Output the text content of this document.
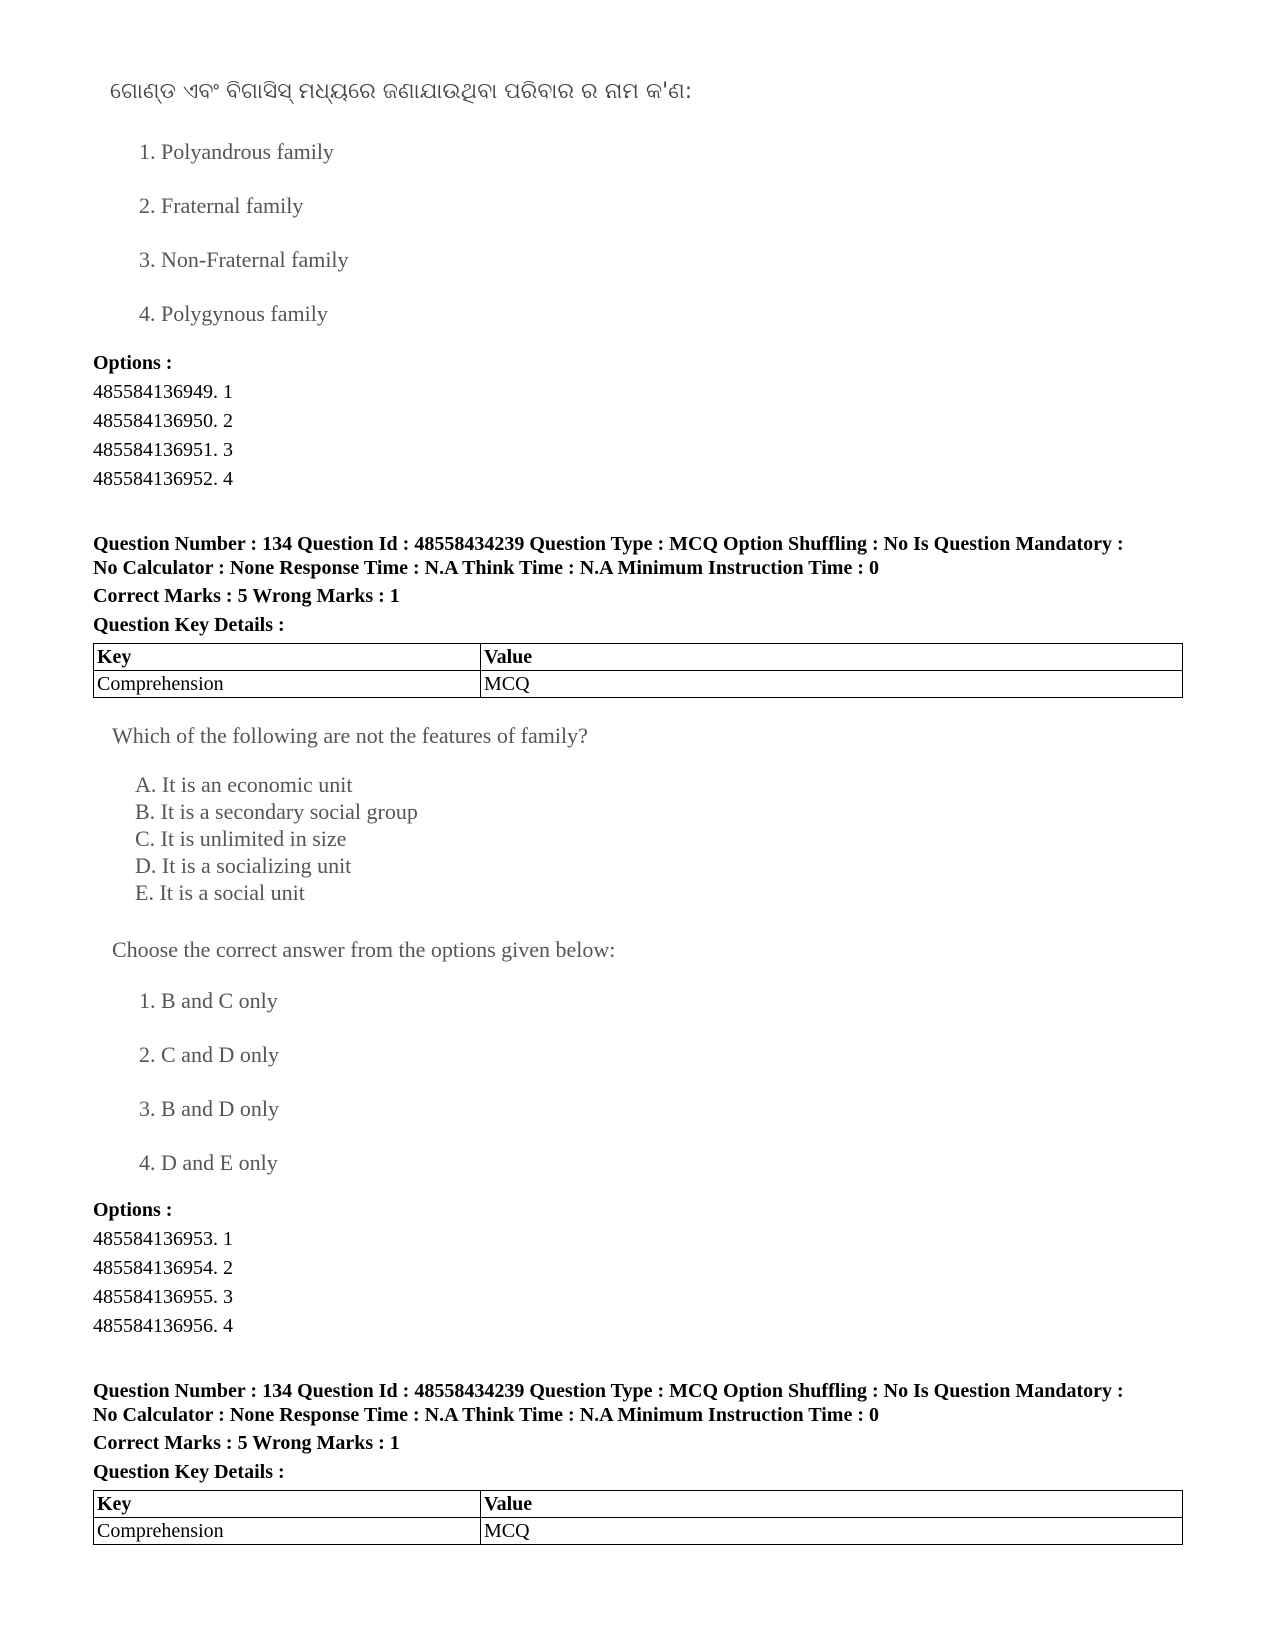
ଗୋଣ୍ଡ ଏବଂ ବିଗାସିସ୍ ମଧ୍ୟରେ ଜଣାଯାଉଥିବା ପରିବାର ର ନାମ କ'ଣ:
1. Polyandrous family
2. Fraternal family
3. Non-Fraternal family
4. Polygynous family
Options :
485584136949. 1
485584136950. 2
485584136951. 3
485584136952. 4
Question Number : 134 Question Id : 48558434239 Question Type : MCQ Option Shuffling : No Is Question Mandatory :
No Calculator : None Response Time : N.A Think Time : N.A Minimum Instruction Time : 0
Correct Marks : 5 Wrong Marks : 1
Question Key Details :
Key	Value
Comprehension	MCQ
Which of the following are not the features of family?
A. It is an economic unit
B. It is a secondary social group
C. It is unlimited in size
D. It is a socializing unit
E. It is a social unit
Choose the correct answer from the options given below:
1. B and C only
2. C and D only
3. B and D only
4. D and E only
Options :
485584136953. 1
485584136954. 2
485584136955. 3
485584136956. 4
Question Number : 134 Question Id : 48558434239 Question Type : MCQ Option Shuffling : No Is Question Mandatory :
No Calculator : None Response Time : N.A Think Time : N.A Minimum Instruction Time : 0
Correct Marks : 5 Wrong Marks : 1
Question Key Details :
Key	Value
Comprehension	MCQ
